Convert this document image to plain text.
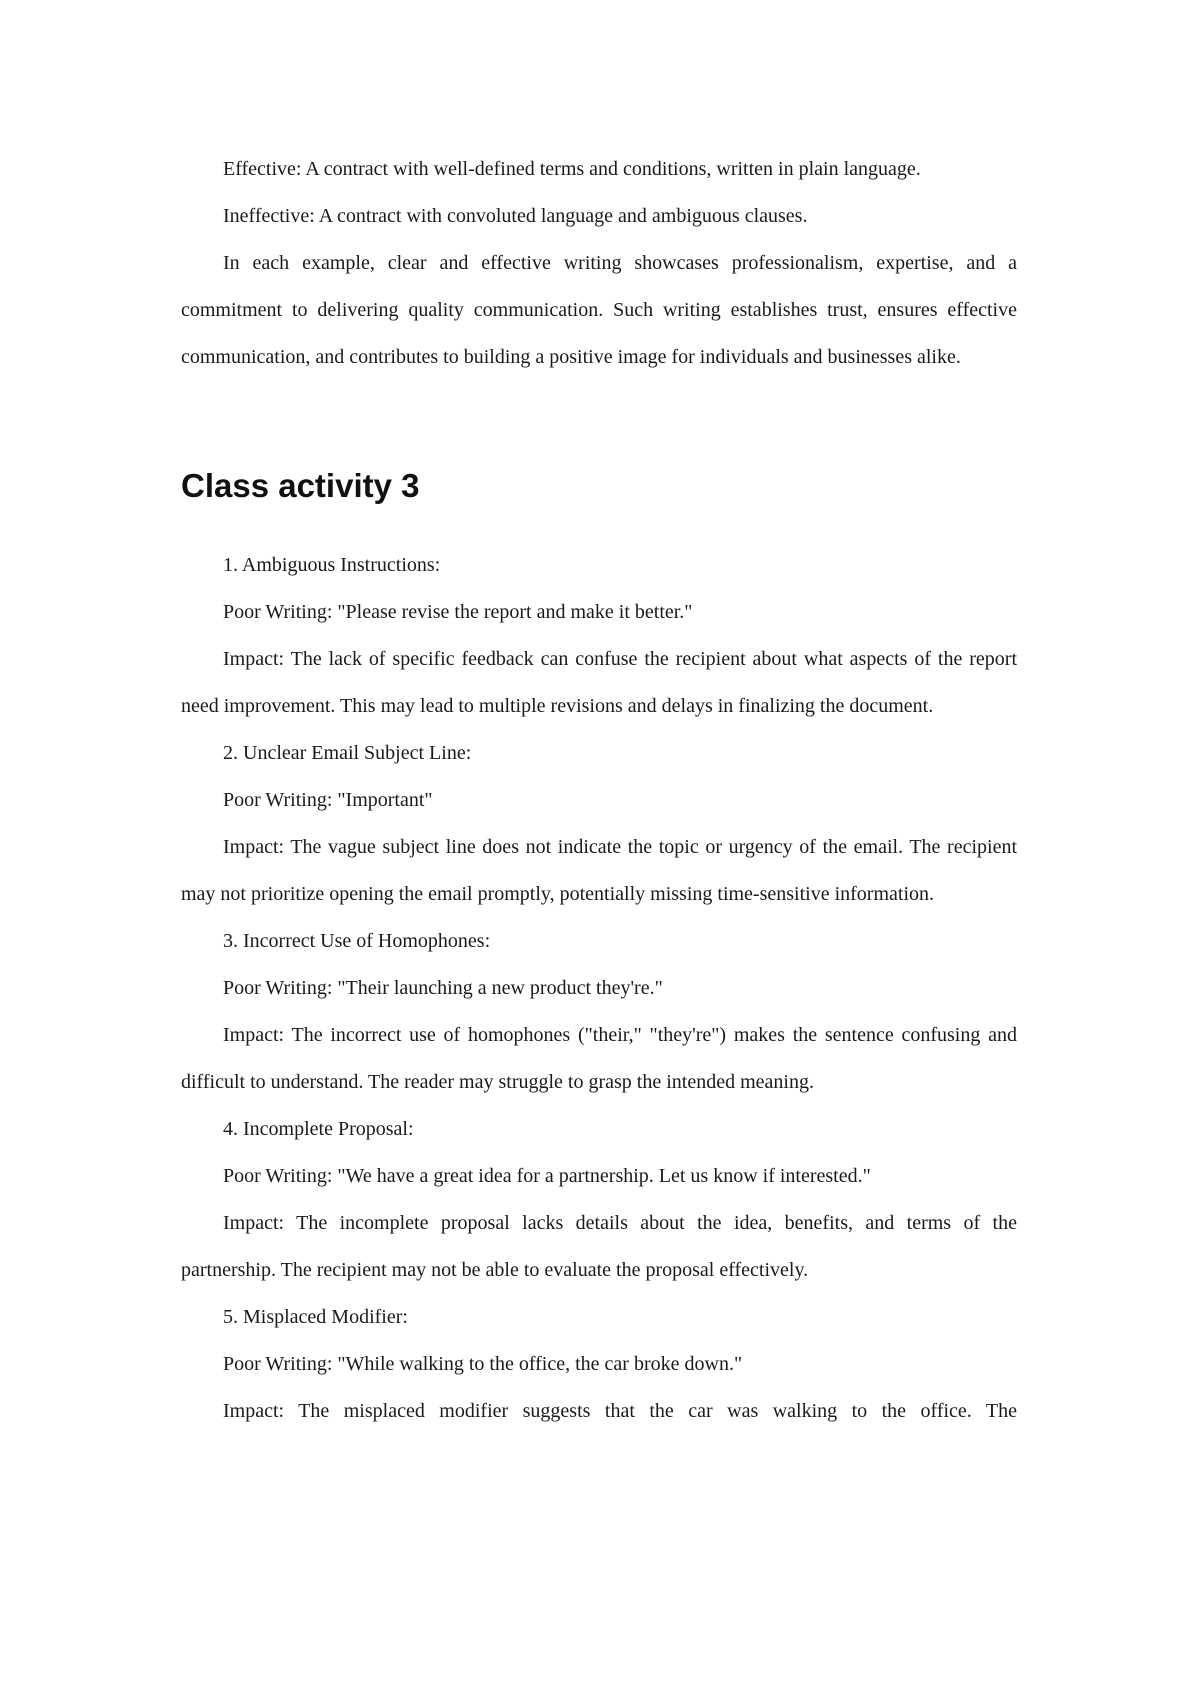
Effective: A contract with well-defined terms and conditions, written in plain language.

Ineffective: A contract with convoluted language and ambiguous clauses.

In each example, clear and effective writing showcases professionalism, expertise, and a commitment to delivering quality communication. Such writing establishes trust, ensures effective communication, and contributes to building a positive image for individuals and businesses alike.

Class activity 3

1. Ambiguous Instructions:

Poor Writing: "Please revise the report and make it better."

Impact: The lack of specific feedback can confuse the recipient about what aspects of the report need improvement. This may lead to multiple revisions and delays in finalizing the document.

2. Unclear Email Subject Line:

Poor Writing: "Important"

Impact: The vague subject line does not indicate the topic or urgency of the email. The recipient may not prioritize opening the email promptly, potentially missing time-sensitive information.

3. Incorrect Use of Homophones:

Poor Writing: "Their launching a new product they're."

Impact: The incorrect use of homophones ("their," "they're") makes the sentence confusing and difficult to understand. The reader may struggle to grasp the intended meaning.

4. Incomplete Proposal:

Poor Writing: "We have a great idea for a partnership. Let us know if interested."

Impact: The incomplete proposal lacks details about the idea, benefits, and terms of the partnership. The recipient may not be able to evaluate the proposal effectively.

5. Misplaced Modifier:

Poor Writing: "While walking to the office, the car broke down."

Impact: The misplaced modifier suggests that the car was walking to the office. The
